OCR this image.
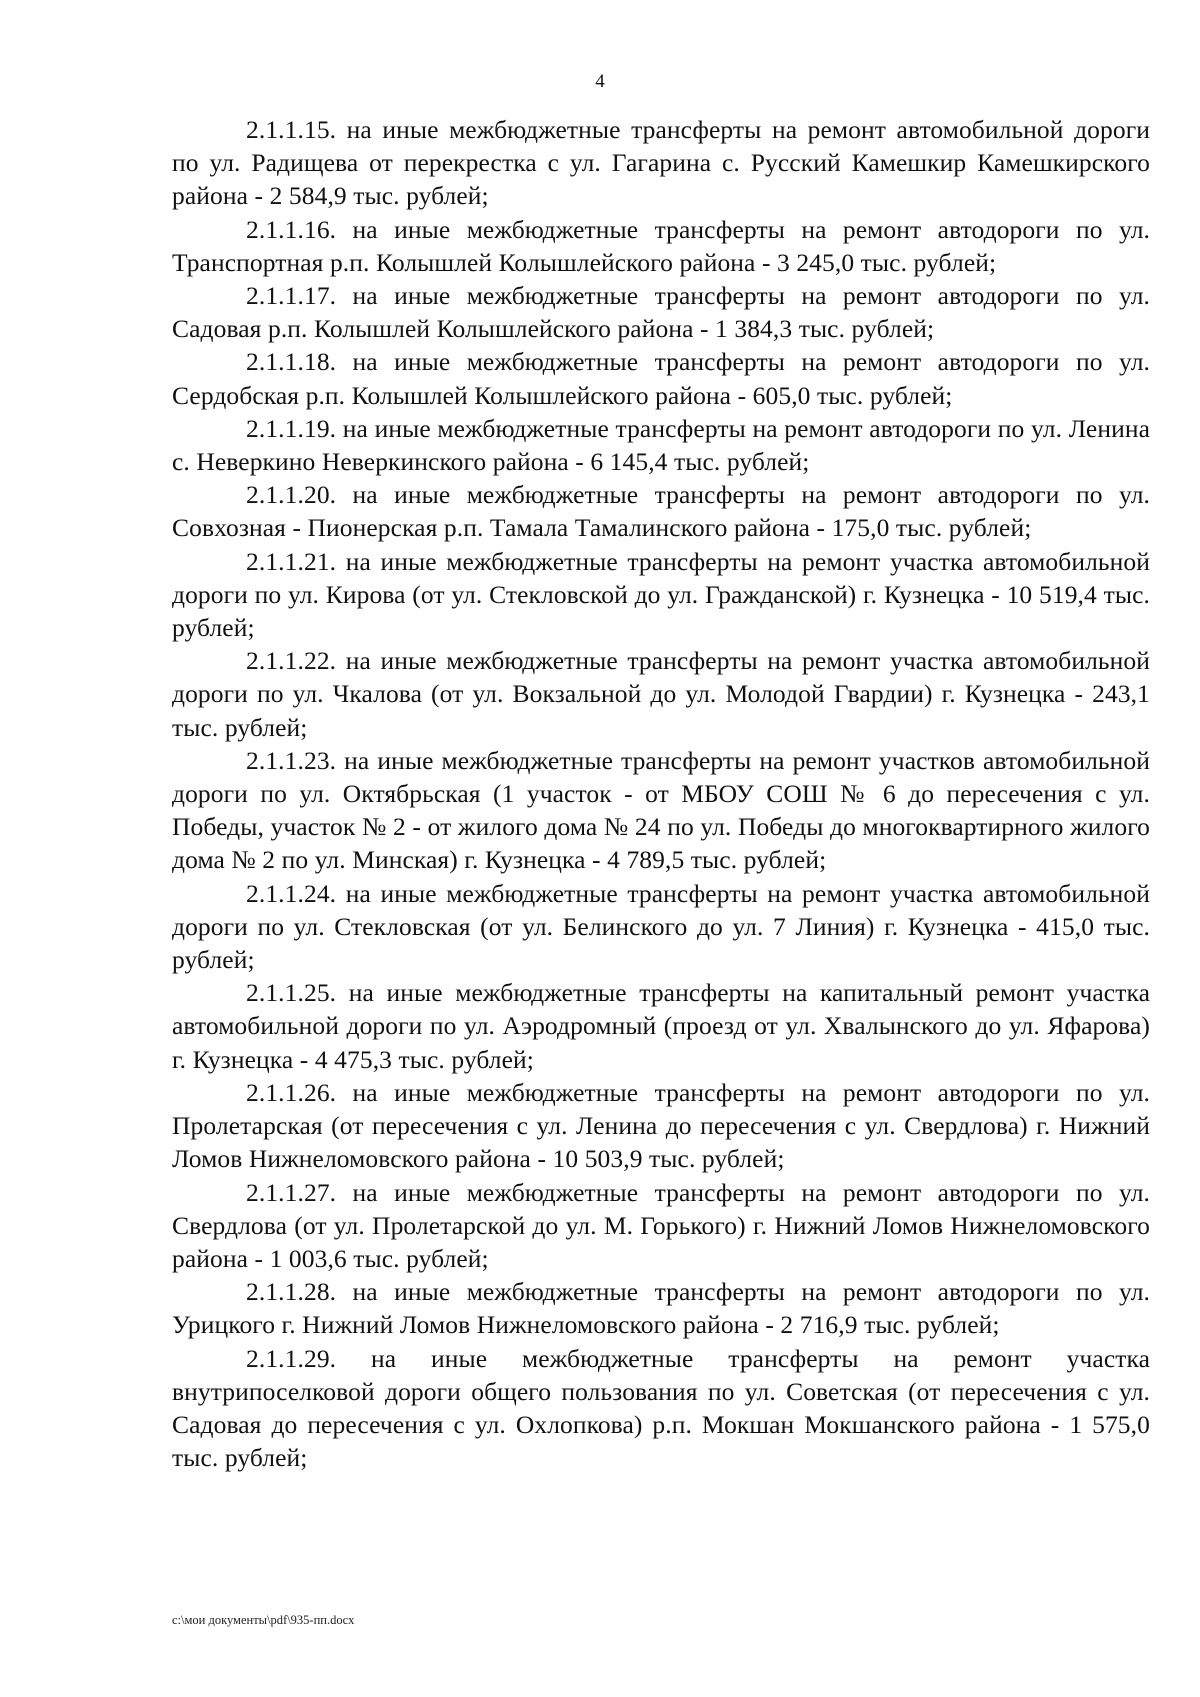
4

2.1.1.15. на иные межбюджетные трансферты на ремонт автомобильной дороги по ул. Радищева от перекрестка с ул. Гагарина с. Русский Камешкир Камешкирского района - 2 584,9 тыс. рублей;

2.1.1.16. на иные межбюджетные трансферты на ремонт автодороги по ул. Транспортная р.п. Колышлей Колышлейского района - 3 245,0 тыс. рублей;

2.1.1.17. на иные межбюджетные трансферты на ремонт автодороги по ул. Садовая р.п. Колышлей Колышлейского района - 1 384,3 тыс. рублей;

2.1.1.18. на иные межбюджетные трансферты на ремонт автодороги по ул. Сердобская р.п. Колышлей Колышлейского района - 605,0 тыс. рублей;

2.1.1.19. на иные межбюджетные трансферты на ремонт автодороги по ул. Ленина с. Неверкино Неверкинского района - 6 145,4 тыс. рублей;

2.1.1.20. на иные межбюджетные трансферты на ремонт автодороги по ул. Совхозная - Пионерская р.п. Тамала Тамалинского района - 175,0 тыс. рублей;

2.1.1.21. на иные межбюджетные трансферты на ремонт участка автомобильной дороги по ул. Кирова (от ул. Стекловской до ул. Гражданской) г. Кузнецка - 10 519,4 тыс. рублей;

2.1.1.22. на иные межбюджетные трансферты на ремонт участка автомобильной дороги по ул. Чкалова (от ул. Вокзальной до ул. Молодой Гвардии) г. Кузнецка - 243,1 тыс. рублей;

2.1.1.23. на иные межбюджетные трансферты на ремонт участков автомобильной дороги по ул. Октябрьская (1 участок - от МБОУ СОШ № 6 до пересечения с ул. Победы, участок № 2 - от жилого дома № 24 по ул. Победы до многоквартирного жилого дома № 2 по ул. Минская) г. Кузнецка - 4 789,5 тыс. рублей;

2.1.1.24. на иные межбюджетные трансферты на ремонт участка автомобильной дороги по ул. Стекловская (от ул. Белинского до ул. 7 Линия) г. Кузнецка - 415,0 тыс. рублей;

2.1.1.25. на иные межбюджетные трансферты на капитальный ремонт участка автомобильной дороги по ул. Аэродромный (проезд от ул. Хвалынского до ул. Яфарова) г. Кузнецка - 4 475,3 тыс. рублей;

2.1.1.26. на иные межбюджетные трансферты на ремонт автодороги по ул. Пролетарская (от пересечения с ул. Ленина до пересечения с ул. Свердлова) г. Нижний Ломов Нижнеломовского района - 10 503,9 тыс. рублей;

2.1.1.27. на иные межбюджетные трансферты на ремонт автодороги по ул. Свердлова (от ул. Пролетарской до ул. М. Горького) г. Нижний Ломов Нижнеломовского района - 1 003,6 тыс. рублей;

2.1.1.28. на иные межбюджетные трансферты на ремонт автодороги по ул. Урицкого г. Нижний Ломов Нижнеломовского района - 2 716,9 тыс. рублей;

2.1.1.29. на иные межбюджетные трансферты на ремонт участка внутрипоселковой дороги общего пользования по ул. Советская (от пересечения с ул. Садовая до пересечения с ул. Охлопкова) р.п. Мокшан Мокшанского района - 1 575,0 тыс. рублей;

c:\мои документы\pdf\935-пп.docx
